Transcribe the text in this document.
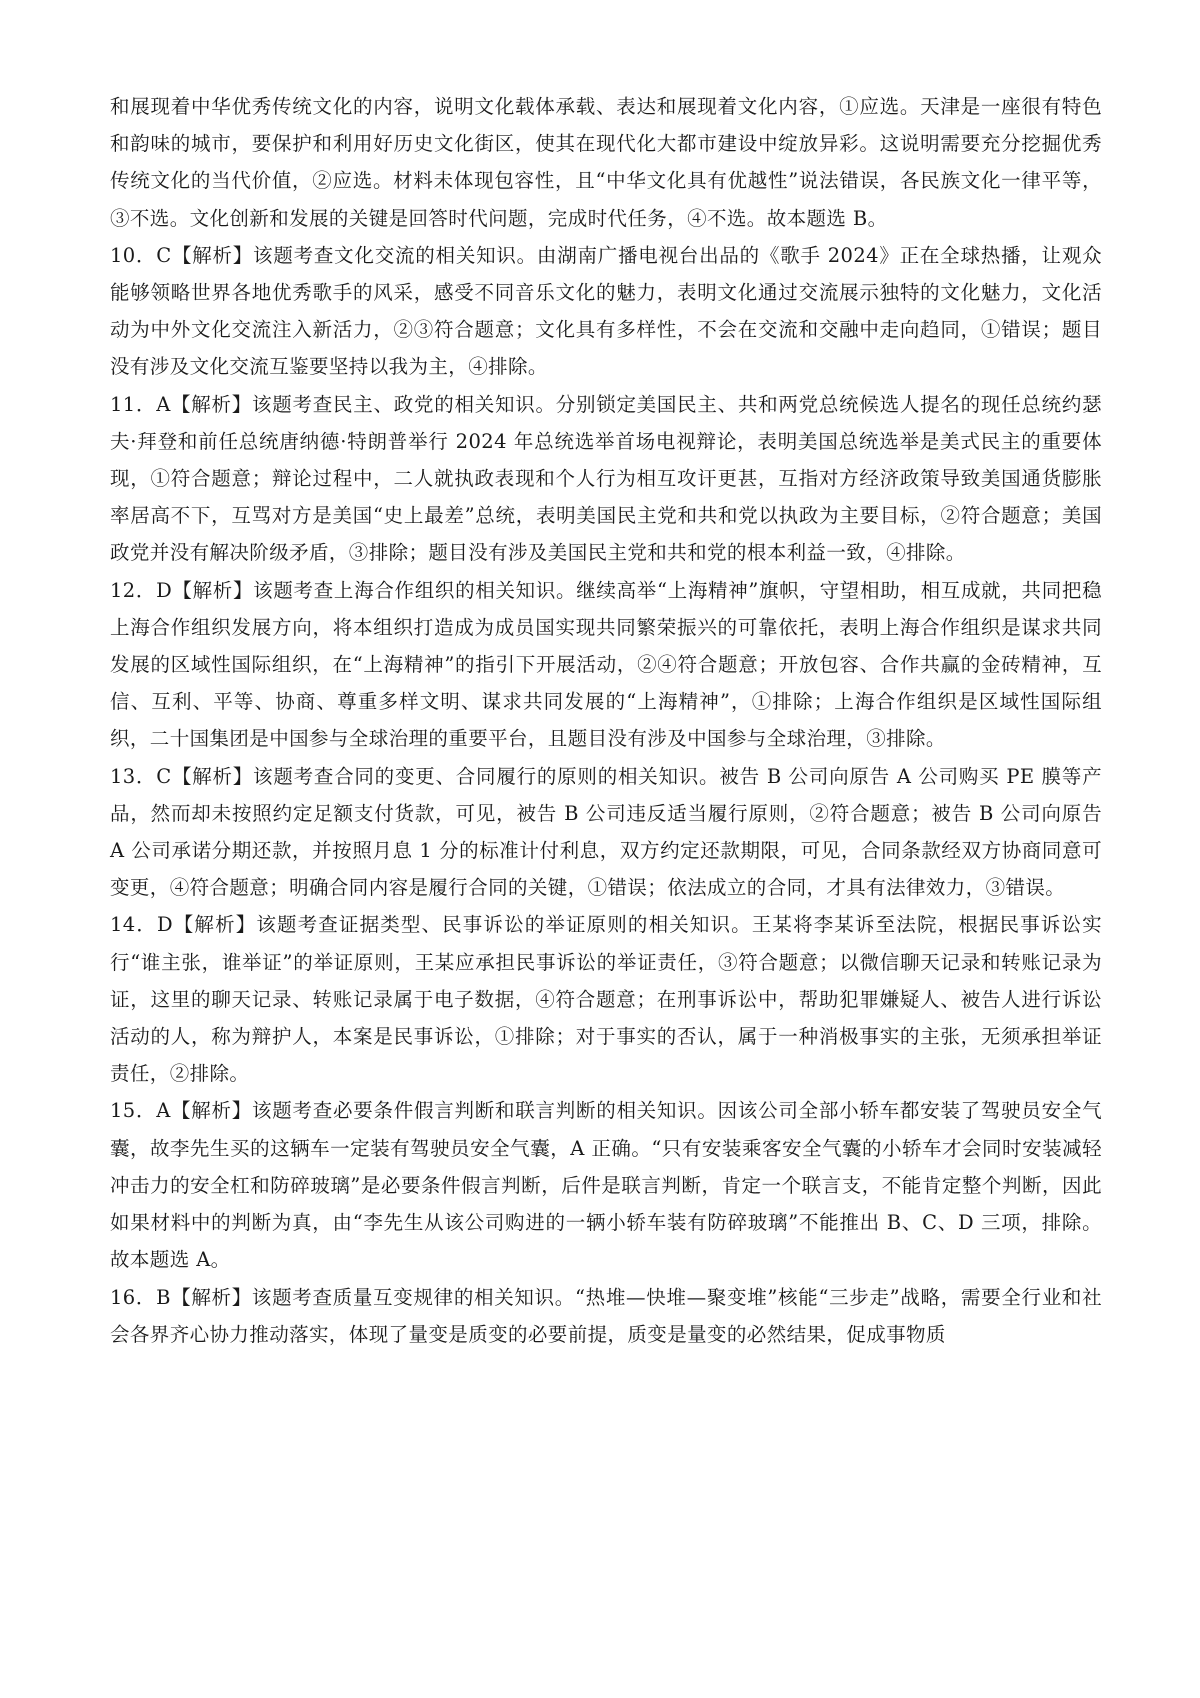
和展现着中华优秀传统文化的内容，说明文化载体承载、表达和展现着文化内容，①应选。天津是一座很有特色和韵味的城市，要保护和利用好历史文化街区，使其在现代化大都市建设中绽放异彩。这说明需要充分挖掘优秀传统文化的当代价值，②应选。材料未体现包容性，且“中华文化具有优越性”说法错误，各民族文化一律平等，③不选。文化创新和发展的关键是回答时代问题，完成时代任务，④不选。故本题选 B。

10．C【解析】该题考查文化交流的相关知识。由湖南广播电视台出品的《歌手 2024》正在全球热播，让观众能够领略世界各地优秀歌手的风采，感受不同音乐文化的魅力，表明文化通过交流展示独特的文化魅力，文化活动为中外文化交流注入新活力，②③符合题意；文化具有多样性，不会在交流和交融中走向趋同，①错误；题目没有涉及文化交流互鉴要坚持以我为主，④排除。

11．A【解析】该题考查民主、政党的相关知识。分别锁定美国民主、共和两党总统候选人提名的现任总统约瑟夫·拜登和前任总统唐纳德·特朗普举行 2024 年总统选举首场电视辩论，表明美国总统选举是美式民主的重要体现，①符合题意；辩论过程中，二人就执政表现和个人行为相互攻讦更甚，互指对方经济政策导致美国通货膨胀率居高不下，互骂对方是美国“史上最差”总统，表明美国民主党和共和党以执政为主要目标，②符合题意；美国政党并没有解决阶级矛盾，③排除；题目没有涉及美国民主党和共和党的根本利益一致，④排除。

12．D【解析】该题考查上海合作组织的相关知识。继续高举“上海精神”旗帜，守望相助，相互成就，共同把稳上海合作组织发展方向，将本组织打造成为成员国实现共同繁荣振兴的可靠依托，表明上海合作组织是谋求共同发展的区域性国际组织，在“上海精神”的指引下开展活动，②④符合题意；开放包容、合作共赢的金砖精神，互信、互利、平等、协商、尊重多样文明、谋求共同发展的“上海精神”，①排除；上海合作组织是区域性国际组织，二十国集团是中国参与全球治理的重要平台，且题目没有涉及中国参与全球治理，③排除。

13．C【解析】该题考查合同的变更、合同履行的原则的相关知识。被告 B 公司向原告 A 公司购买 PE 膜等产品，然而却未按照约定足额支付货款，可见，被告 B 公司违反适当履行原则，②符合题意；被告 B 公司向原告 A 公司承诺分期还款，并按照月息 1 分的标准计付利息，双方约定还款期限，可见，合同条款经双方协商同意可变更，④符合题意；明确合同内容是履行合同的关键，①错误；依法成立的合同，才具有法律效力，③错误。

14．D【解析】该题考查证据类型、民事诉讼的举证原则的相关知识。王某将李某诉至法院，根据民事诉讼实行“谁主张，谁举证”的举证原则，王某应承担民事诉讼的举证责任，③符合题意；以微信聊天记录和转账记录为证，这里的聊天记录、转账记录属于电子数据，④符合题意；在刑事诉讼中，帮助犯罪嫌疑人、被告人进行诉讼活动的人，称为辩护人，本案是民事诉讼，①排除；对于事实的否认，属于一种消极事实的主张，无须承担举证责任，②排除。

15．A【解析】该题考查必要条件假言判断和联言判断的相关知识。因该公司全部小轿车都安装了驾驶员安全气囊，故李先生买的这辆车一定装有驾驶员安全气囊，A 正确。“只有安装乘客安全气囊的小轿车才会同时安装减轻冲击力的安全杠和防碎玻璃”是必要条件假言判断，后件是联言判断，肯定一个联言支，不能肯定整个判断，因此如果材料中的判断为真，由“李先生从该公司购进的一辆小轿车装有防碎玻璃”不能推出 B、C、D 三项，排除。故本题选 A。

16．B【解析】该题考查质量互变规律的相关知识。“热堆—快堆—聚变堆”核能“三步走”战略，需要全行业和社会各界齐心协力推动落实，体现了量变是质变的必要前提，质变是量变的必然结果，促成事物质
